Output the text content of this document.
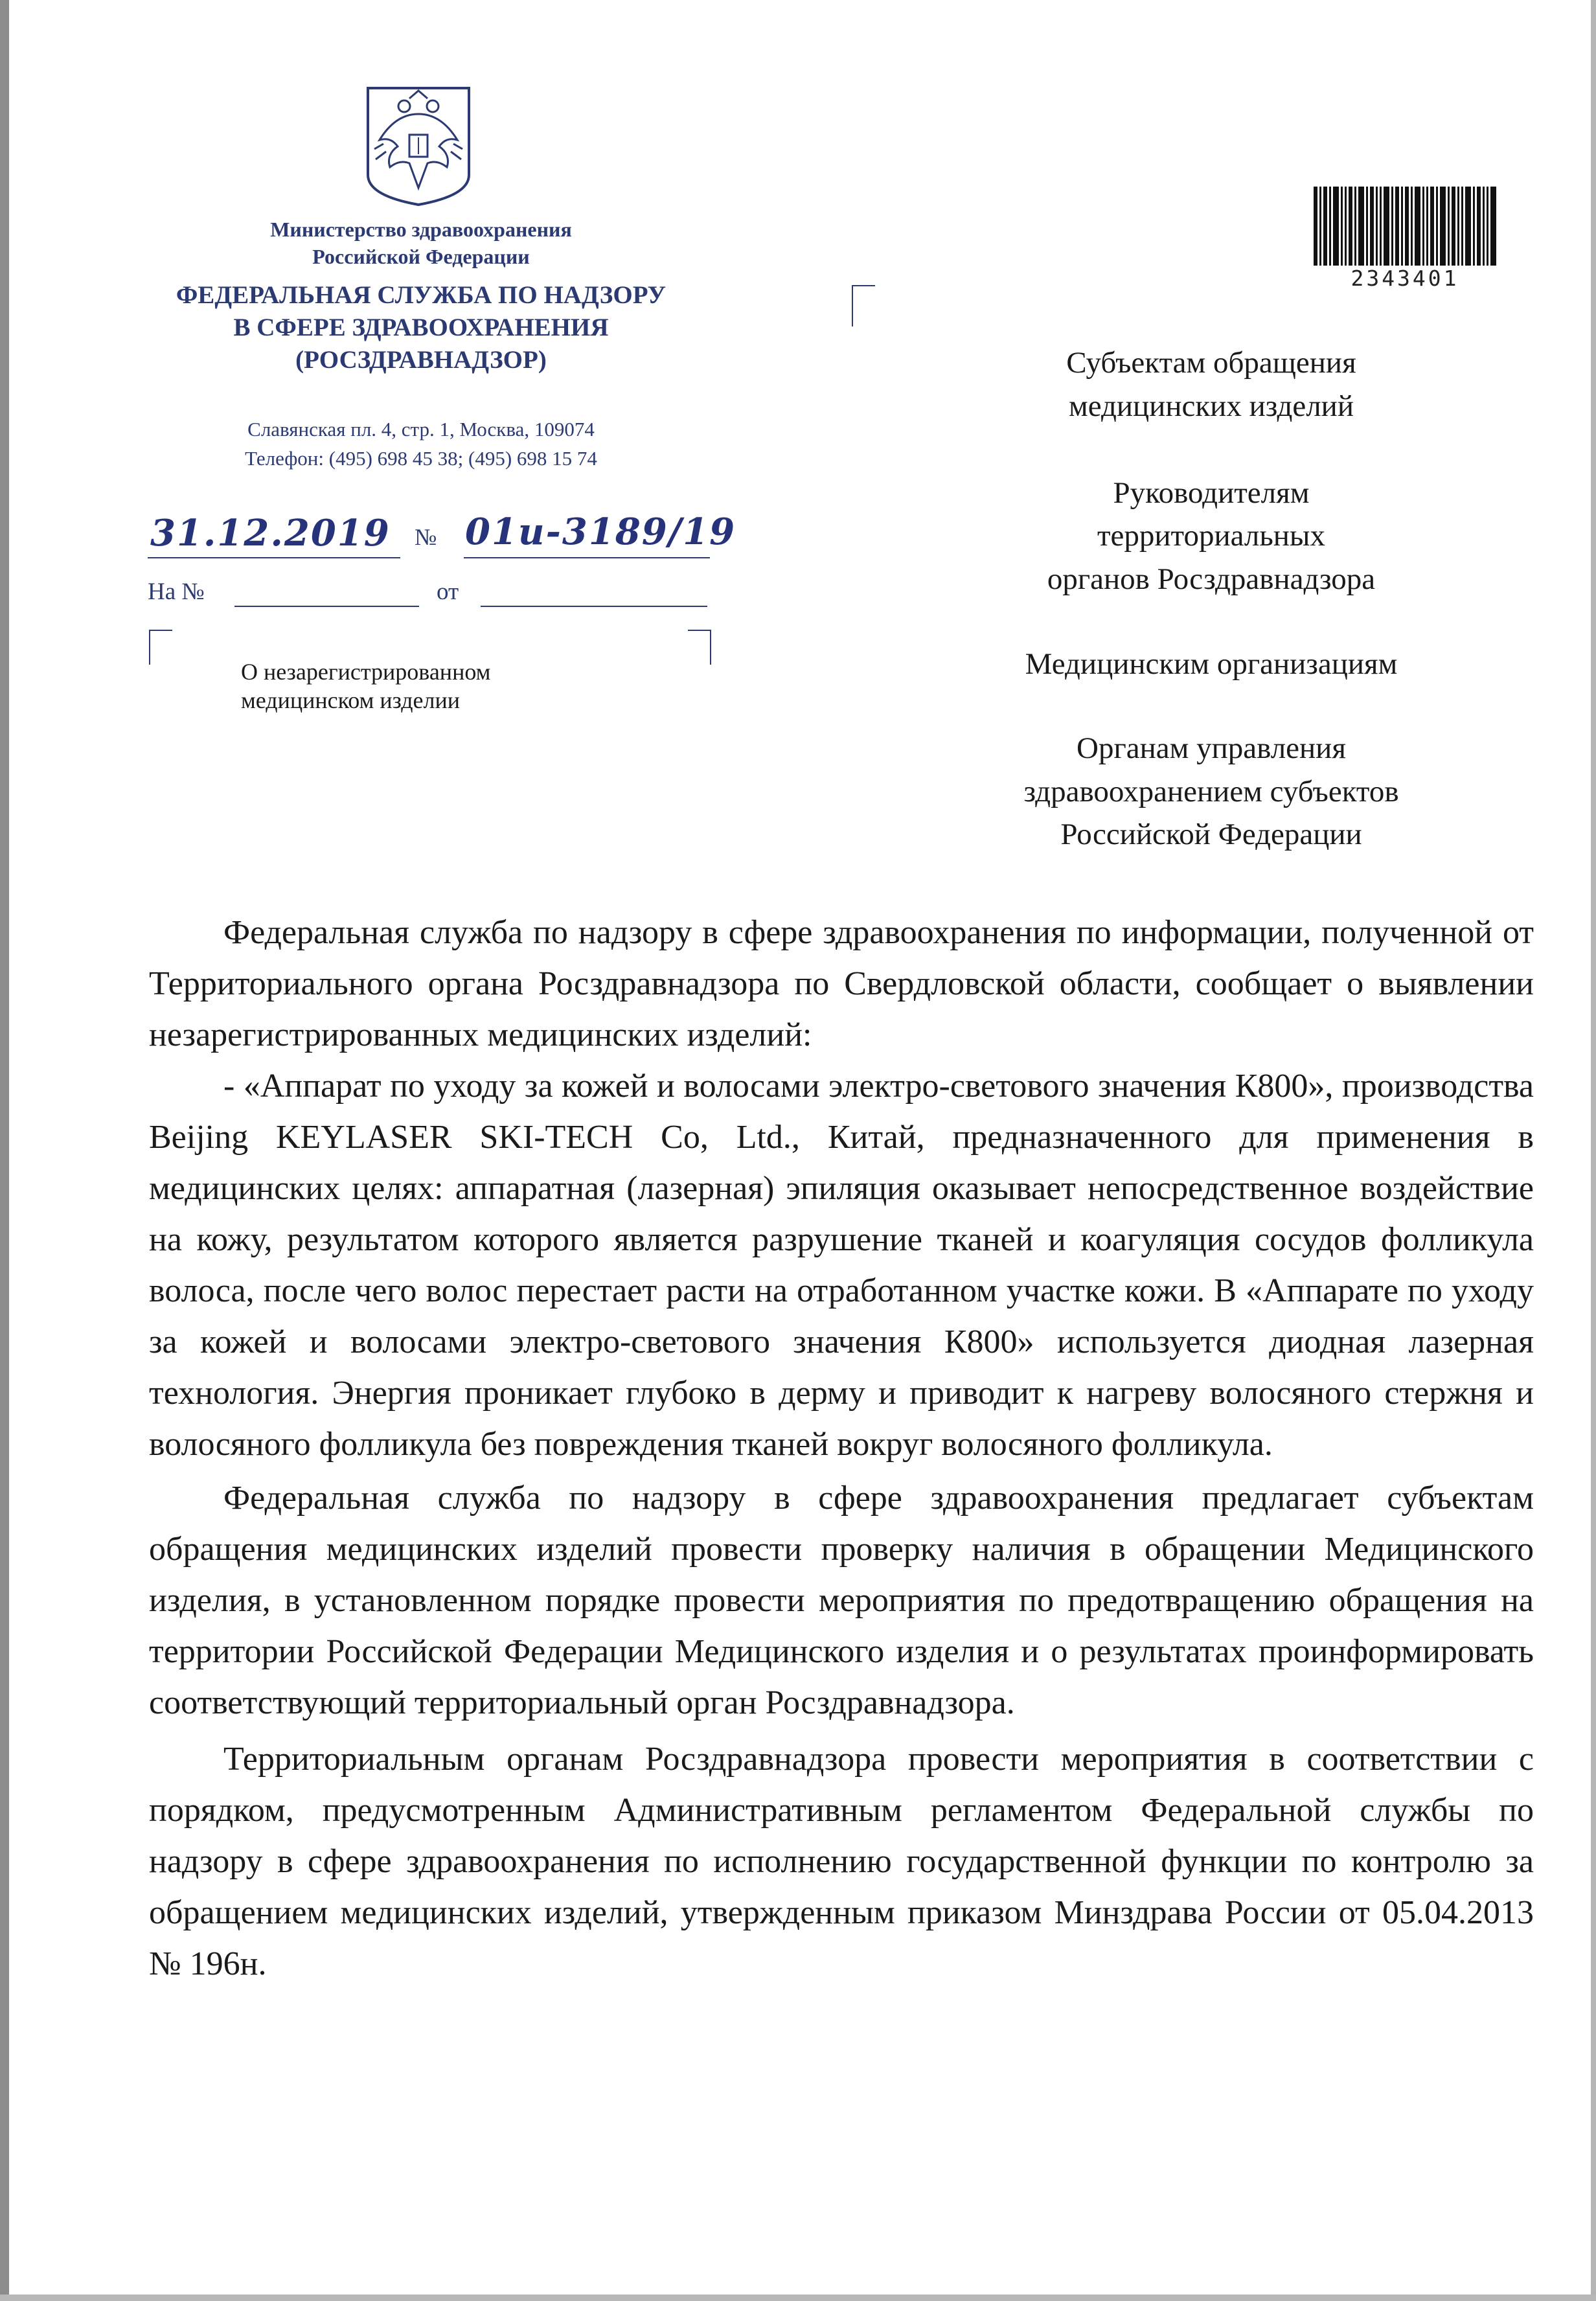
Министерство здравоохранения
Российской Федерации
ФЕДЕРАЛЬНАЯ СЛУЖБА ПО НАДЗОРУ
В СФЕРЕ ЗДРАВООХРАНЕНИЯ
(РОСЗДРАВНАДЗОР)
Славянская пл. 4, стр. 1, Москва, 109074
Телефон: (495) 698 45 38; (495) 698 15 74
31.12.2019 № 01и-3189/19
На №	от
О незарегистрированном
медицинском изделии
2343401
Субъектам обращения
медицинских изделий
Руководителям
территориальных
органов Росздравнадзора
Медицинским организациям
Органам управления
здравоохранением субъектов
Российской Федерации

Федеральная служба по надзору в сфере здравоохранения по информации, полученной от Территориального органа Росздравнадзора по Свердловской области, сообщает о выявлении незарегистрированных медицинских изделий:

- «Аппарат по уходу за кожей и волосами электро-светового значения К800», производства Beijing KEYLASER SKI-TECH Co, Ltd., Китай, предназначенного для применения в медицинских целях: аппаратная (лазерная) эпиляция оказывает непосредственное воздействие на кожу, результатом которого является разрушение тканей и коагуляция сосудов фолликула волоса, после чего волос перестает расти на отработанном участке кожи. В «Аппарате по уходу за кожей и волосами электро-светового значения К800» используется диодная лазерная технология. Энергия проникает глубоко в дерму и приводит к нагреву волосяного стержня и волосяного фолликула без повреждения тканей вокруг волосяного фолликула.

Федеральная служба по надзору в сфере здравоохранения предлагает субъектам обращения медицинских изделий провести проверку наличия в обращении Медицинского изделия, в установленном порядке провести мероприятия по предотвращению обращения на территории Российской Федерации Медицинского изделия и о результатах проинформировать соответствующий территориальный орган Росздравнадзора.

Территориальным органам Росздравнадзора провести мероприятия в соответствии с порядком, предусмотренным Административным регламентом Федеральной службы по надзору в сфере здравоохранения по исполнению государственной функции по контролю за обращением медицинских изделий, утвержденным приказом Минздрава России от 05.04.2013 № 196н.
